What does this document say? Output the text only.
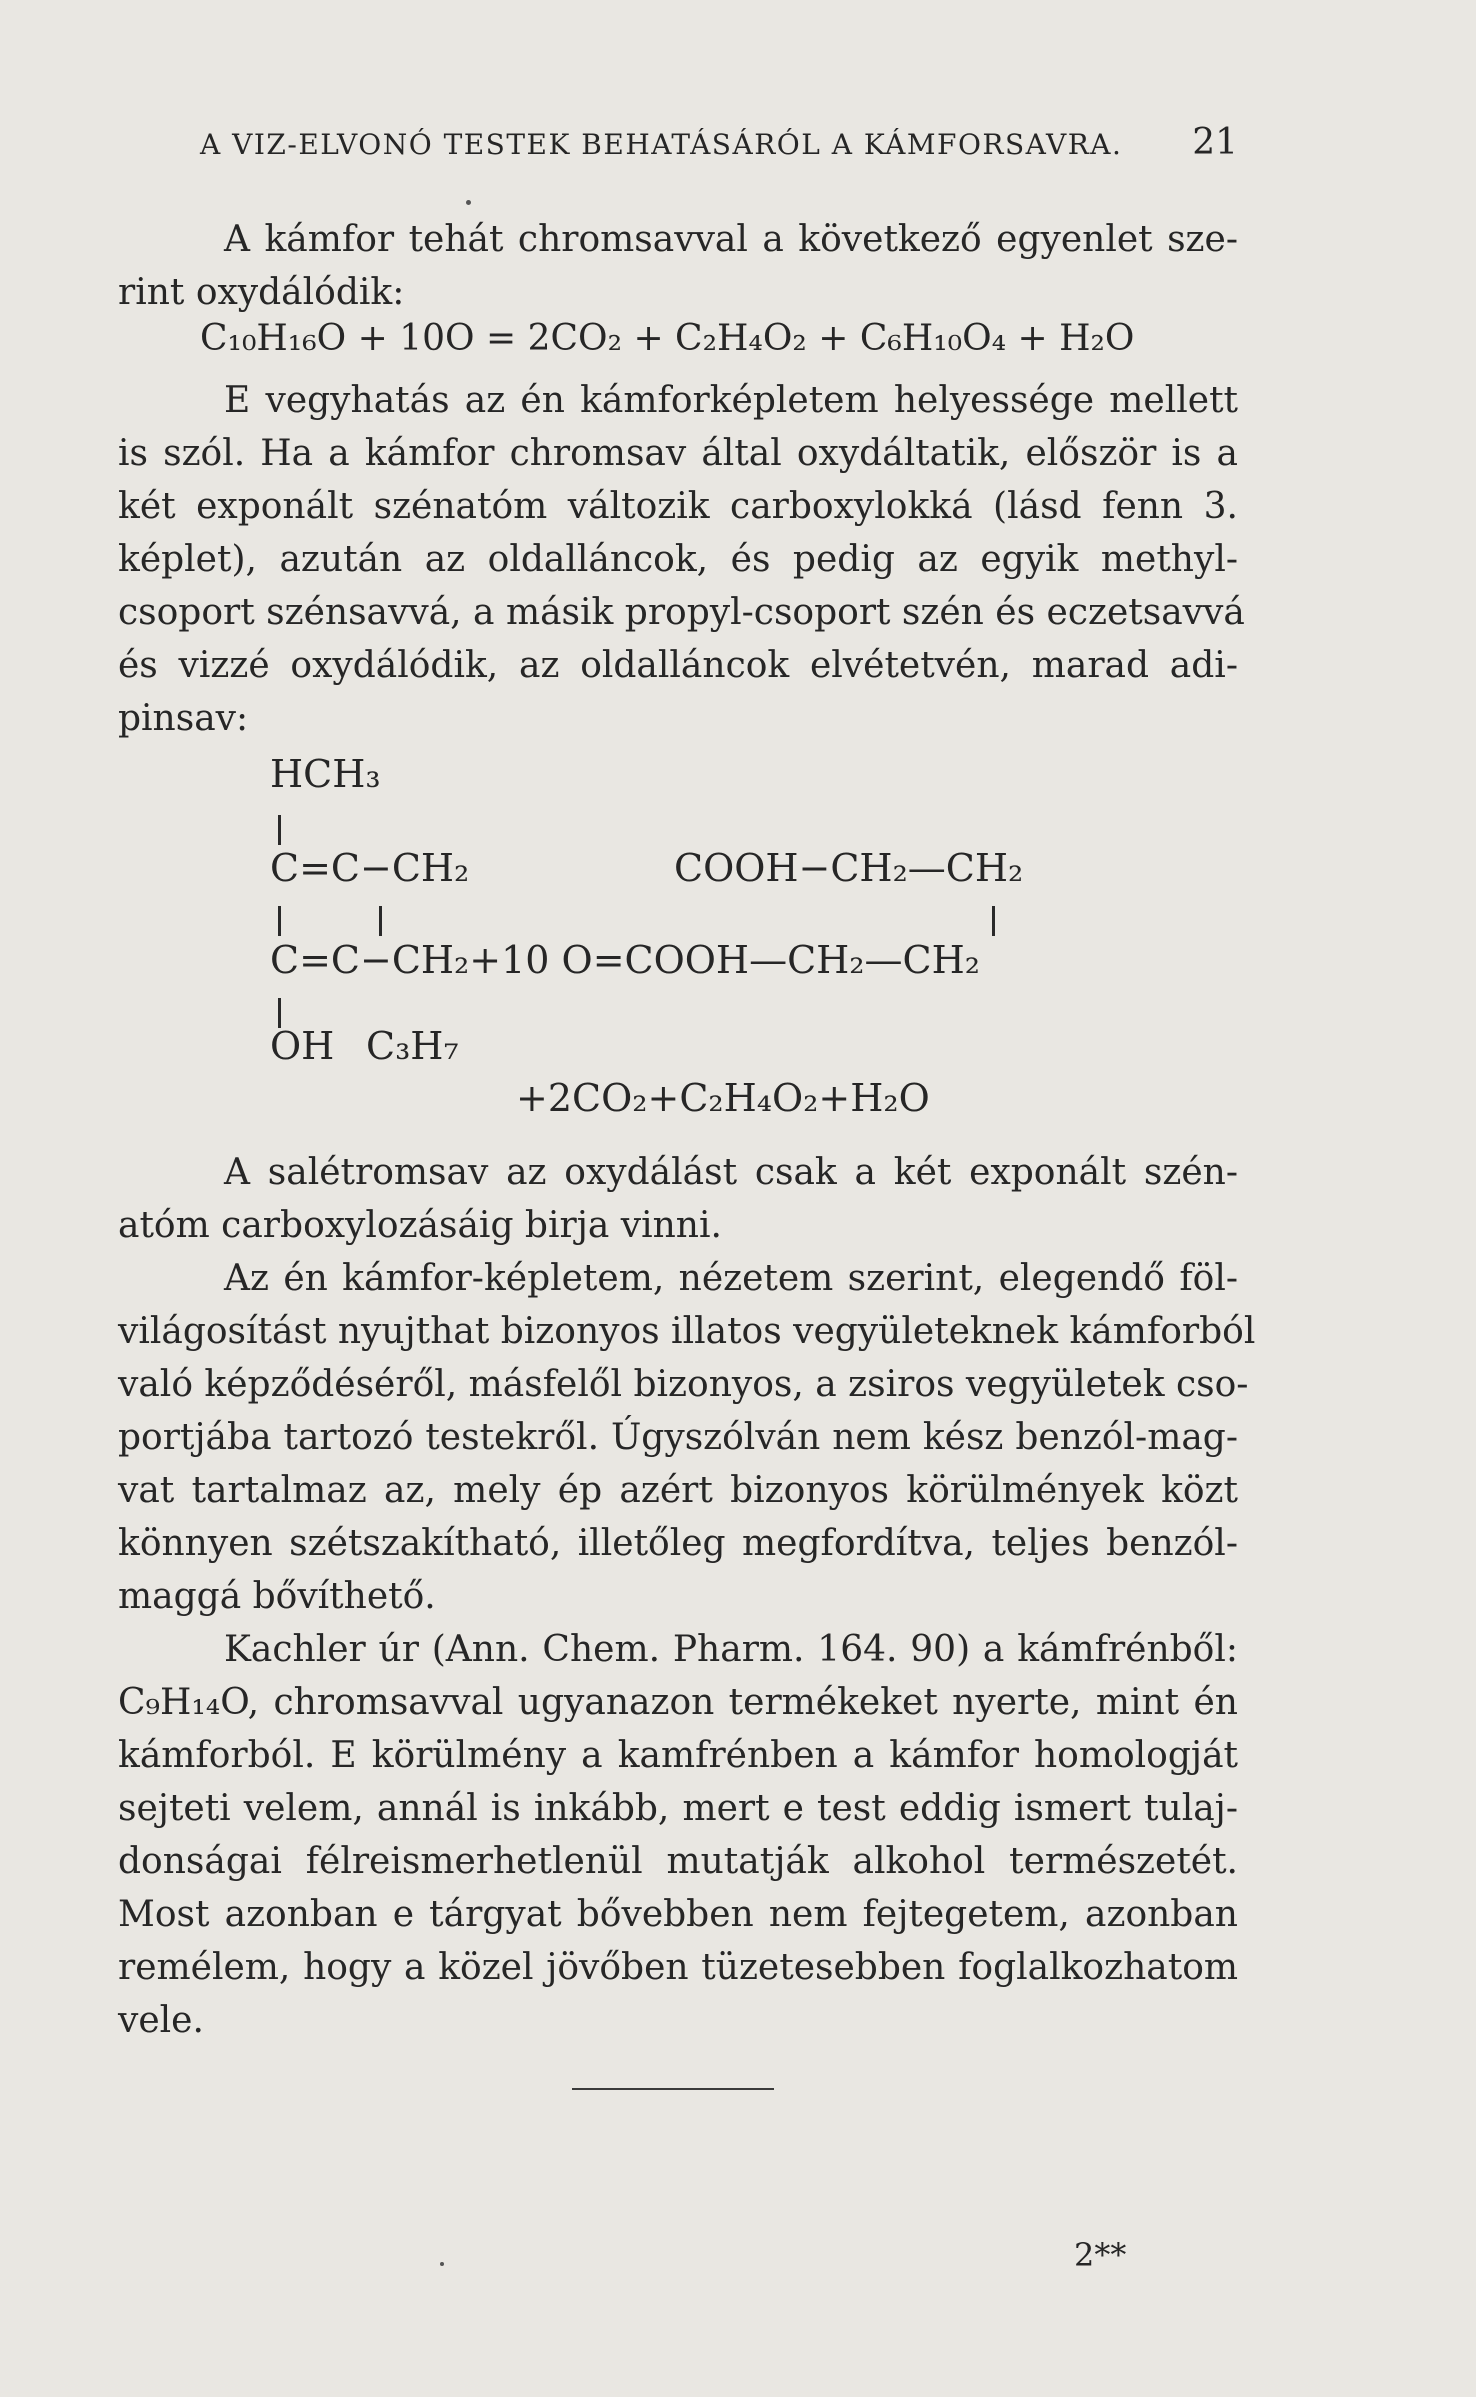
A VIZ-ELVONÓ TESTEK BEHATÁSÁRÓL A KÁMFORSAVRA. 21
A kámfor tehát chromsavval a következő egyenlet sze-
rint oxydálódik:
C₁₀H₁₆O + 10O = 2CO₂ + C₂H₄O₂ + C₆H₁₀O₄ + H₂O
E vegyhatás az én kámforképletem helyessége mellett
is szól. Ha a kámfor chromsav által oxydáltatik, először is a
két exponált szénatóm változik carboxylokká (lásd fenn 3.
képlet), azután az oldalláncok, és pedig az egyik methyl-
csoport szénsavvá, a másik propyl-csoport szén és eczetsavvá
és vizzé oxydálódik, az oldalláncok elvétetvén, marad adi-
pinsav:
HCH₃
C=C−CH₂	COOH−CH₂—CH₂
C=C−CH₂+10 O=COOH—CH₂—CH₂
OH C₃H₇
+2CO₂+C₂H₄O₂+H₂O
A salétromsav az oxydálást csak a két exponált szén-
atóm carboxylozásáig birja vinni.
Az én kámfor-képletem, nézetem szerint, elegendő föl-
világosítást nyujthat bizonyos illatos vegyületeknek kámforból
való képződéséről, másfelől bizonyos, a zsiros vegyületek cso-
portjába tartozó testekről. Úgyszólván nem kész benzól-mag-
vat tartalmaz az, mely ép azért bizonyos körülmények közt
könnyen szétszakítható, illetőleg megfordítva, teljes benzól-
maggá bővíthető.
Kachler úr (Ann. Chem. Pharm. 164. 90) a kámfrénből:
C₉H₁₄O, chromsavval ugyanazon termékeket nyerte, mint én
kámforból. E körülmény a kamfrénben a kámfor homologját
sejteti velem, annál is inkább, mert e test eddig ismert tulaj-
donságai félreismerhetlenül mutatják alkohol természetét.
Most azonban e tárgyat bővebben nem fejtegetem, azonban
remélem, hogy a közel jövőben tüzetesebben foglalkozhatom
vele.
2**
